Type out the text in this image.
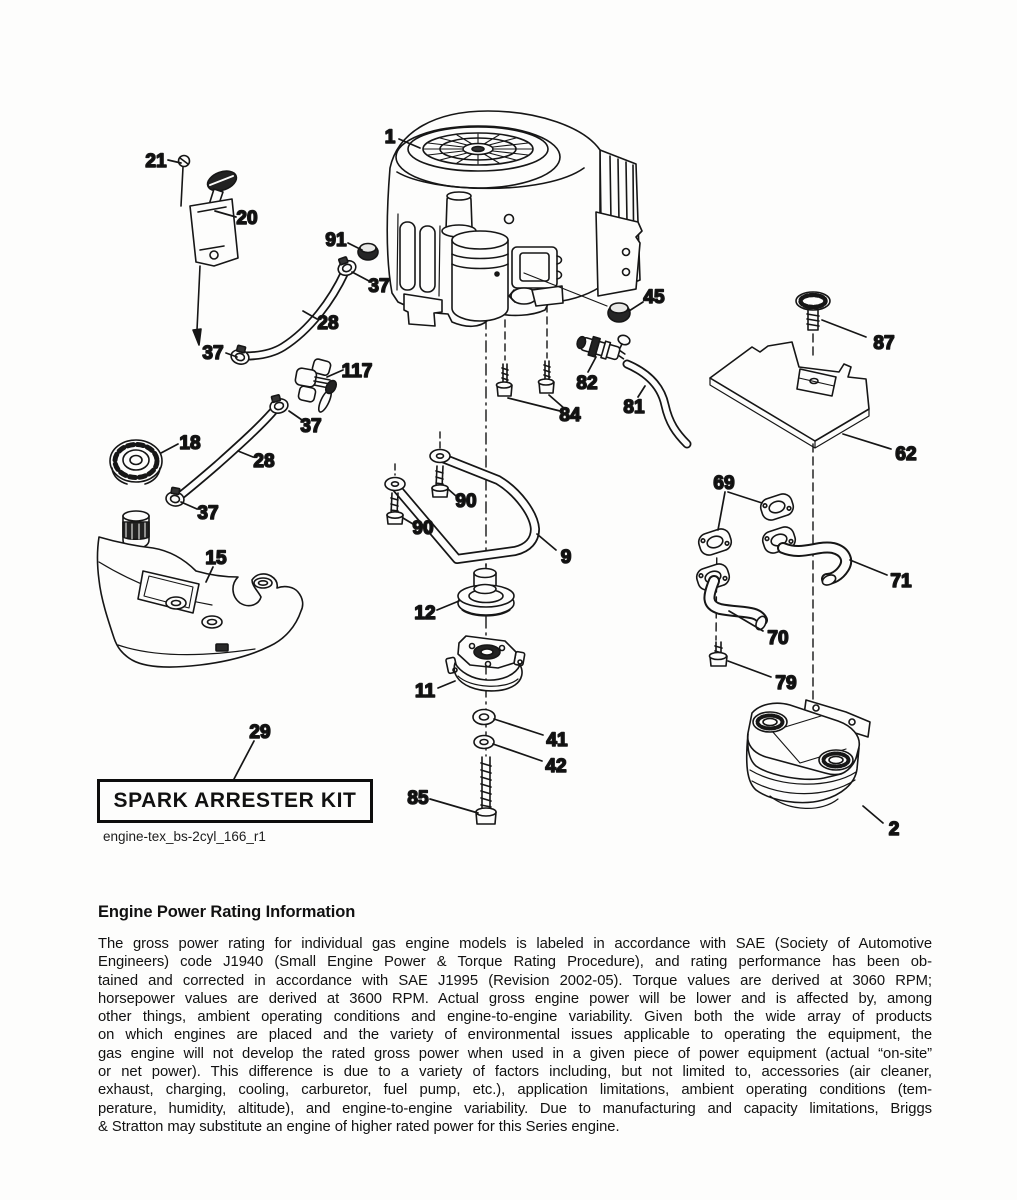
1
21
20
91
37
28
37
117
37
18
28
37
15
29
45
82
84 81
87
62
69
71
70
79
90
90
9
12
11
41
42
85
2
SPARK ARRESTER KIT
engine-tex_bs-2cyl_166_r1
Engine Power Rating Information
The gross power rating for individual gas engine models is labeled in accordance with SAE (Society of Automotive
Engineers) code J1940 (Small Engine Power & Torque Rating Procedure), and rating performance has been ob-
tained and corrected in accordance with SAE J1995 (Revision 2002-05). Torque values are derived at 3060 RPM;
horsepower values are derived at 3600 RPM. Actual gross engine power will be lower and is affected by, among
other things, ambient operating conditions and engine-to-engine variability. Given both the wide array of products
on which engines are placed and the variety of environmental issues applicable to operating the equipment, the
gas engine will not develop the rated gross power when used in a given piece of power equipment (actual “on-site”
or net power). This difference is due to a variety of factors including, but not limited to, accessories (air cleaner,
exhaust, charging, cooling, carburetor, fuel pump, etc.), application limitations, ambient operating conditions (tem-
perature, humidity, altitude), and engine-to-engine variability. Due to manufacturing and capacity limitations, Briggs
& Stratton may substitute an engine of higher rated power for this Series engine.
